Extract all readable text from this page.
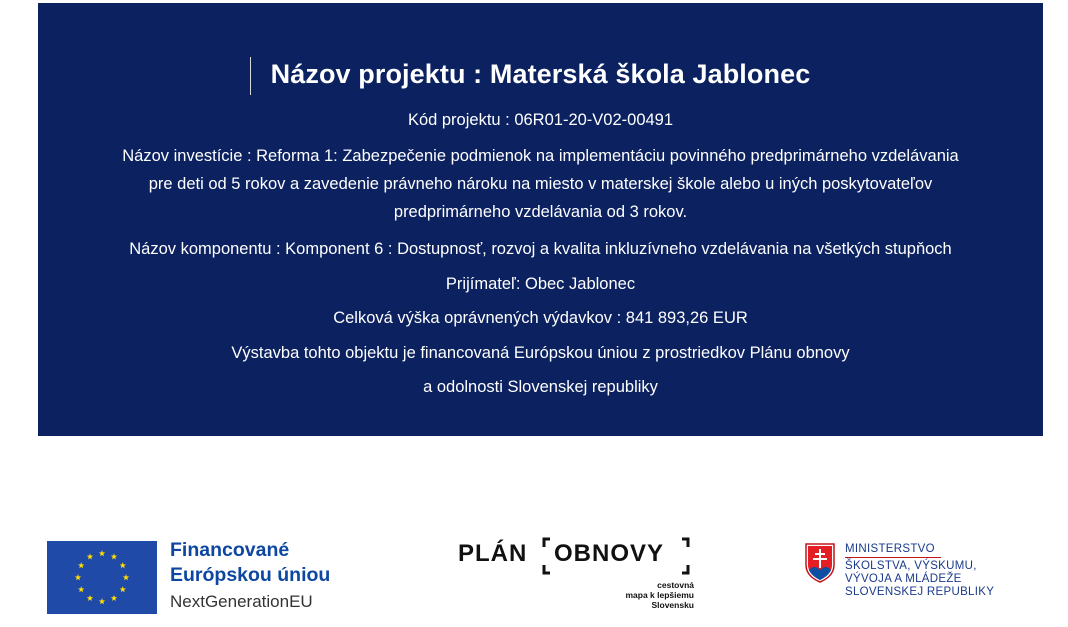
Názov projektu : Materská škola Jablonec
Kód projektu : 06R01-20-V02-00491
Názov investície : Reforma 1: Zabezpečenie podmienok na implementáciu povinného predprimárneho vzdelávania
pre deti od 5 rokov a zavedenie právneho nároku na miesto v materskej škole alebo u iných poskytovateľov
predprimárneho vzdelávania od 3 rokov.
Názov komponentu : Komponent 6 : Dostupnosť, rozvoj a kvalita inkluzívneho vzdelávania na všetkých stupňoch
Prijímateľ: Obec Jablonec
Celková výška oprávnených výdavkov : 841 893,26 EUR
Výstavba tohto objektu je financovaná Európskou úniou z prostriedkov Plánu obnovy
a odolnosti Slovenskej republiky
Financované
Európskou úniou
NextGenerationEU
PLÁN OBNOVY
cestovná
mapa k lepšiemu
Slovensku
MINISTERSTVO
ŠKOLSTVA, VÝSKUMU,
VÝVOJA A MLÁDEŽE
SLOVENSKEJ REPUBLIKY
